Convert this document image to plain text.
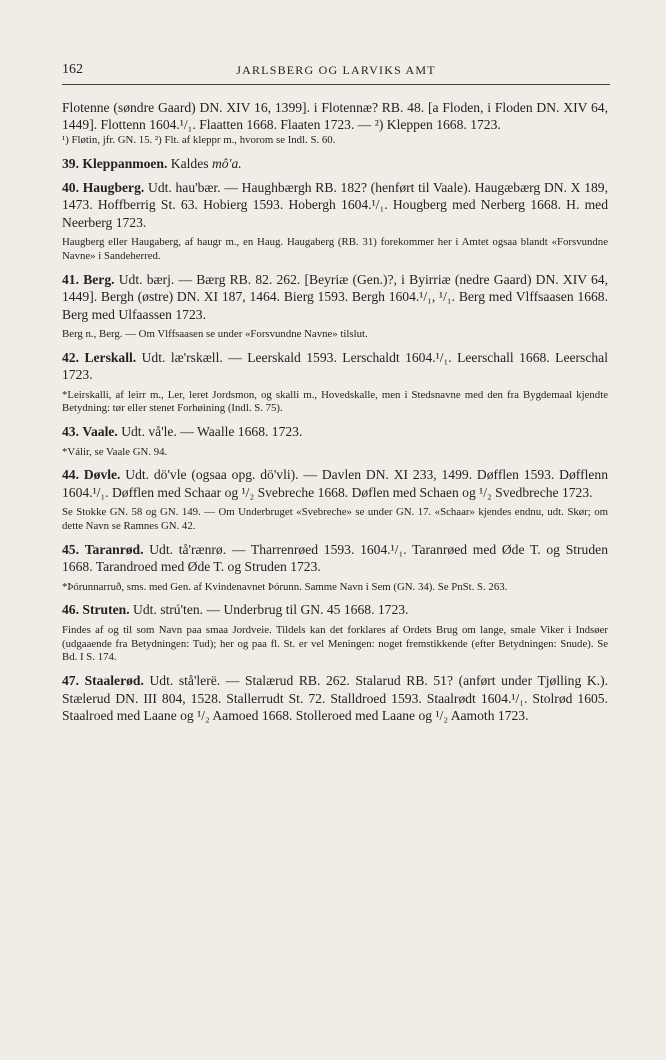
162	JARLSBERG OG LARVIKS AMT

Flotenne (søndre Gaard) DN. XIV 16, 1399]. i Flotennæ? RB. 48. [a Floden, i Floden DN. XIV 64, 1449]. Flottenn 1604.¹/₁. Flaatten 1668. Flaaten 1723. — ²) Kleppen 1668. 1723.

¹) Fløtin, jfr. GN. 15. ²) Flt. af kleppr m., hvorom se Indl. S. 60.

39. Kleppanmoen. Kaldes mô'a.

40. Haugberg. Udt. hau'bær. — Haughbærgh RB. 182? (henført til Vaale). Haugæbærg DN. X 189, 1473. Hoffberrig St. 63. Hobierg 1593. Hobergh 1604.¹/₁. Hougberg med Nerberg 1668. H. med Neerberg 1723.

Haugberg eller Haugaberg, af haugr m., en Haug. Haugaberg (RB. 31) forekommer her i Amtet ogsaa blandt «Forsvundne Navne» i Sandeherred.

41. Berg. Udt. bærj. — Bærg RB. 82. 262. [Beyriæ (Gen.)?, i Byirriæ (nedre Gaard) DN. XIV 64, 1449]. Bergh (østre) DN. XI 187, 1464. Bierg 1593. Bergh 1604.¹/₁, ¹/₁. Berg med Vlffsaasen 1668. Berg med Ulfaassen 1723.

Berg n., Berg. — Om Vlffsaasen se under «Forsvundne Navne» tilslut.

42. Lerskall. Udt. læ'rskæll. — Leerskald 1593. Lerschaldt 1604.¹/₁. Leerschall 1668. Leerschal 1723.

*Leirskalli, af leirr m., Ler, leret Jordsmon, og skalli m., Hovedskalle, men i Stedsnavne med den fra Bygdemaal kjendte Betydning: tør eller stenet Forhøining (Indl. S. 75).

43. Vaale. Udt. vå'le. — Waalle 1668. 1723.

*Válir, se Vaale GN. 94.

44. Døvle. Udt. dö'vle (ogsaa opg. dö'vli). — Davlen DN. XI 233, 1499. Døfflen 1593. Døfflenn 1604.¹/₁. Døfflen med Schaar og ¹/₂ Svebreche 1668. Døflen med Schaen og ¹/₂ Svedbreche 1723.

Se Stokke GN. 58 og GN. 149. — Om Underbruget «Svebreche» se under GN. 17. «Schaar» kjendes endnu, udt. Skør; om dette Navn se Ramnes GN. 42.

45. Taranrød. Udt. tå'rænrø. — Tharrenrøed 1593. 1604.¹/₁. Taranrøed med Øde T. og Struden 1668. Tarandroed med Øde T. og Struden 1723.

*Þórunnarruð, sms. med Gen. af Kvindenavnet Þórunn. Samme Navn i Sem (GN. 34). Se PnSt. S. 263.

46. Struten. Udt. strú'ten. — Underbrug til GN. 45 1668. 1723.

Findes af og til som Navn paa smaa Jordveie. Tildels kan det forklares af Ordets Brug om lange, smale Viker i Indsøer (udgaaende fra Betydningen: Tud); her og paa fl. St. er vel Meningen: noget fremstikkende (efter Betydningen: Snude). Se Bd. I S. 174.

47. Staalerød. Udt. stå'lerë. — Stalærud RB. 262. Stalarud RB. 51? (anført under Tjølling K.). Stælerud DN. III 804, 1528. Stallerrudt St. 72. Stalldroed 1593. Staalrødt 1604.¹/₁. Stolrød 1605. Staalroed med Laane og ¹/₂ Aamoed 1668. Stolleroed med Laane og ¹/₂ Aamoth 1723.
